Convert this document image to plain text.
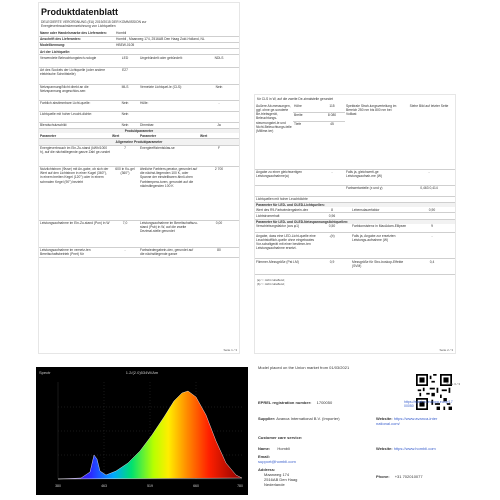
Produktdatenblatt
DELEGIERTE VERORDNUNG (EU) 2019/2015 DER KOMMISSION zur
Energieverbrauchskennzeichnung von Lichtquellen
Name oder Handelsmarke des Lieferanten:	Hombli
Anschrift des Lieferanten:	Hombli , Maanweg 174, 2516AB Den Haag Zuid-Holland, NL
Modellkennung:	HBEW-0105
Art der Lichtquelle:	
Verwendete Beleuchtungstech-nologie	LED	Ungebündelt oder gebündelt:	NDLS
Art des Sockels der Lichtquelle (oder andere elektrische Schnittstelle)	E27		
Netzspannung/Nicht direkt an die Netzspannung angeschlos-sen:	MLS	Vernetzte Lichtquel-le (CLS):	Nein
Farblich abstimmbare Licht-quelle:	Nein	Hülle:	-
Lichtquelle mit hoher Leucht-dichte:	Nein		
Blendschutzschild:	Nein	Dimmbar:	Ja
Produktparameter
Parameter	Wert	Parameter	Wert
Allgemeine Produktparameter			
Energieverbrauch im Ein-Zu-stand (kWh/1000 h), auf die nächstliegende ganze Zahl ge-rundet	7	Energieeffizientsklas-se	F
Nutzlichtstrom (Φuse) mit An-gabe, ob sich der Wert auf den Lichtstrom in einer Kugel (360°), in einem breiten Kegel (120°) oder in einem schmalen Kegel (90°) bezieht	600 in Ku-gel (360°)	ähnliche Farbtem-peratur, gerundet auf die nächst-liegenden 100 K, oder Spanne der einstellbaren ähnli-chen Farbtempera-turen, gerundet auf die nächstliegenden 100 K	2 700
Leistungsaufnahme im Ein-Zu-stand (Pon) in W	7,0	Leistungsaufnahme im Bereitschaftszu-stand (Psb) in W, auf die zweite Dezimal-stelle gerundet	0,00
Leistungsaufnahme im vernetz-ten Bereitschaftsbetrieb (Pnet) für	-	Farbwiedergabein-dex, gerundet auf die nächstliegende ganze	80
Seite 1 / 3
für CLS in W, auf die zweite De-zimalstelle gerundet
Äußere Ab-messungen, ggf. ohne ge-sonderte Be-triebsgerät, Beleuchtungs-steuerungstei-le und Nicht-Beleuchtungs-teile (Millime-ter)	Höhe	115	Spektrale Strah-lungsverteilung im Bereich 250 nm bis 800 nm bei Volllast	Siehe Bild auf letzter Seite
	Breite	8 080		
	Tiefe	45		
Angabe zu einer gleichwertigen Leistungsaufnahme(a)		-	Falls ja, gleichwerti-ge Leistungsaufnah-me (W)	-
			Farbwertanteile (x und y)	0,463 0,414
Lichtquellen mit hoher Leuchtdichte				
Parameter für LED- und OLED-Lichtquellen:
Wert des R9-Farbwiedergabein-dex	8		Lebensdauerfaktor	0,90
Lichtstromerhalt	0,96			
Parameter für LED- und OLED-Netzspannungslichtquellen:
Verschiebungsfaktor (cos φ1)	0,50		Farbkonsistenz in MacAdam-Ellipsen	9
Angabe, dass eine LED-Licht-quelle eine Leuchtstofflich-quelle ohne eingebautes Vor-schaltgerät mit einer bestimm-ten Leistungsaufnahme ersetzt.	-(b)		Falls ja, Angabe zur ersetzten Leistungs-aufnahme (W)	-
Flimmer-Messgröße (Pst LM)	0,9		Messgröße für Stro-boskop-Effekte (SVM)	0,4
(a) '-': nicht zutreffend;
(b) '-': nicht zutreffend;
Seite 2 / 3
Spectr	1.2/(2.0)534W/Am
380	463	519	660	780
Model placed on the Union market from 01/03/2021
EPREL registration number: 1700050	https://eprel.ec.europa.eu/qr/17 00050
Supplier: Avanca International B.V. (Importer)	Website: https://www.avanca-inter national.com/
Customer care service:
Name: Hombli	Website: https://www.hombli.com
Email:
support@hombli.com
Address:
Maanweg 174
2516AB Den Haag
Nederlande
Phone: +31 702010077
Seite 3 / 3
